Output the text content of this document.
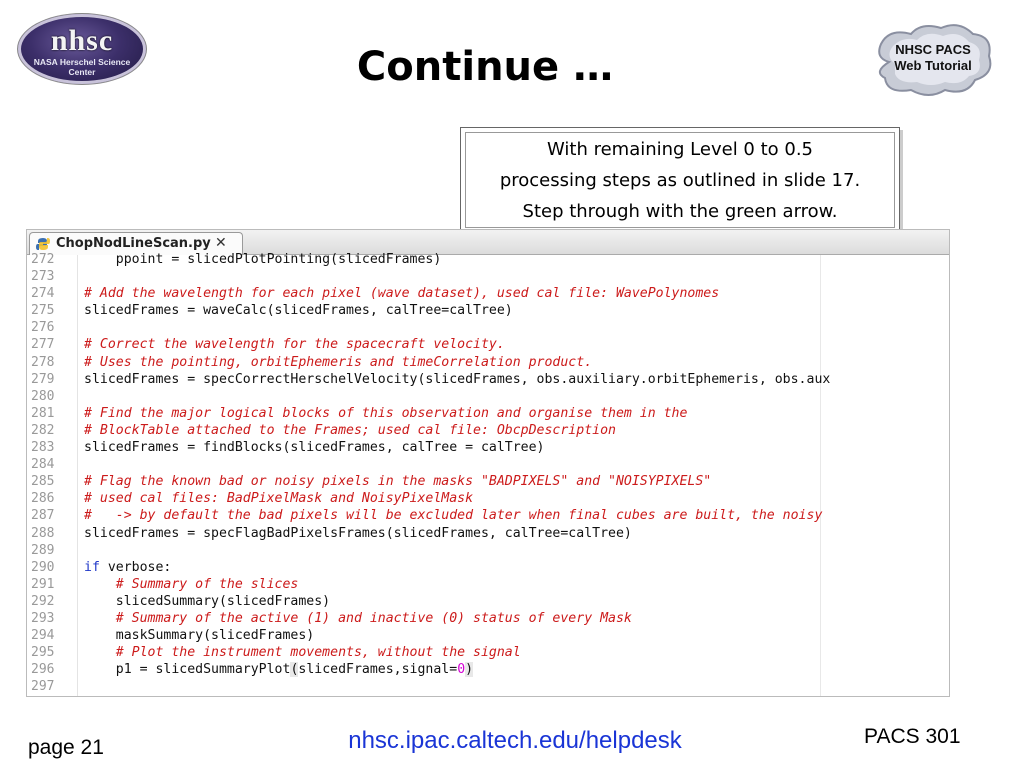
nhsc
NASA Herschel Science Center	Continue …	NHSC PACS
Web Tutorial
With remaining Level 0 to 0.5
processing steps as outlined in slide 17.
Step through with the green arrow.
ChopNodLineScan.py ✕
272	ppoint = slicedPlotPointing(slicedFrames)
273
274	# Add the wavelength for each pixel (wave dataset), used cal file: WavePolynomes
275	slicedFrames = waveCalc(slicedFrames, calTree=calTree)
276
277	# Correct the wavelength for the spacecraft velocity.
278	# Uses the pointing, orbitEphemeris and timeCorrelation product.
279	slicedFrames = specCorrectHerschelVelocity(slicedFrames, obs.auxiliary.orbitEphemeris, obs.aux
280
281	# Find the major logical blocks of this observation and organise them in the
282	# BlockTable attached to the Frames; used cal file: ObcpDescription
283	slicedFrames = findBlocks(slicedFrames, calTree = calTree)
284
285	# Flag the known bad or noisy pixels in the masks "BADPIXELS" and "NOISYPIXELS"
286	# used cal files: BadPixelMask and NoisyPixelMask
287	#   -> by default the bad pixels will be excluded later when final cubes are built, the noisy
288	slicedFrames = specFlagBadPixelsFrames(slicedFrames, calTree=calTree)
289
290	if verbose:
291	# Summary of the slices
292	slicedSummary(slicedFrames)
293	# Summary of the active (1) and inactive (0) status of every Mask
294	maskSummary(slicedFrames)
295	# Plot the instrument movements, without the signal
296	p1 = slicedSummaryPlot(slicedFrames,signal=0)
297
page 21	nhsc.ipac.caltech.edu/helpdesk	PACS 301
